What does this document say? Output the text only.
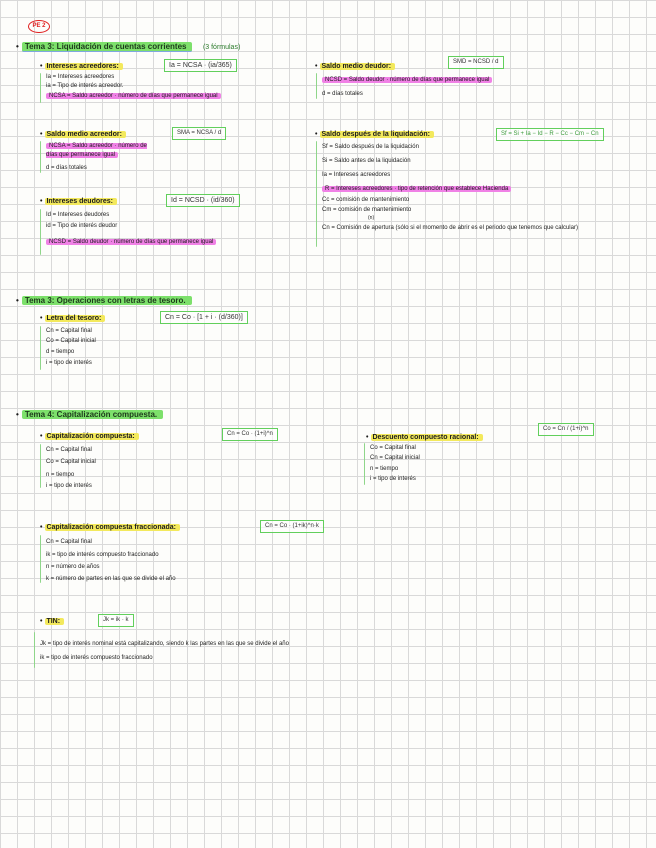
PE 2
• Tema 3: Liquidación de cuentas corrientes (3 fórmulas)
• Intereses acreedores:	Ia = NCSA · (ia/365)
Ia = Intereses acreedores
ia = Tipo de interés acreedor.
NCSA = Saldo acreedor · número de días que permanece igual
• Saldo medio acreedor:	SMA = NCSA / d
NCSA = Saldo acreedor · número de días que permanece igual
d = días totales
• Intereses deudores:	Id = NCSD · (id/360)
Id = Intereses deudores
id = Tipo de interés deudor
NCSD = Saldo deudor · número de días que permanece igual
• Saldo medio deudor:
SMD = NCSD / d
NCSD = Saldo deudor · número de días que permanece igual
d = días totales
• Saldo después de la liquidación:	Sf = Si + Ia − Id − R − Cc − Cm − Cn
Sf = Saldo después de la liquidación
Si = Saldo antes de la liquidación
Ia = Intereses acreedores
R = Intereses acreedores · tipo de retención que establece Hacienda
Cc = comisión de mantenimiento
Cm = comisión de mantenimiento
(n)
Cn = Comisión de apertura (sólo si el momento de abrir es el periodo que tenemos que calcular)
• Tema 3: Operaciones con letras de tesoro.
• Letra del tesoro:	Cn = Co · [1 + i · (d/360)]
Cn = Capital final
Co = Capital inicial
d = tiempo
i = tipo de interés
• Tema 4: Capitalización compuesta.
• Capitalización compuesta:	Cn = Co · (1+i)^n
Cn = Capital final
Co = Capital inicial
n = tiempo
i = tipo de interés
• Descuento compuesto racional:
Co = Cn / (1+i)^n
Co = Capital final
Cn = Capital inicial
n = tiempo
i = tipo de interés
• Capitalización compuesta fraccionada:	Cn = Co · (1+ik)^n·k
Cn = Capital final
ik = tipo de interés compuesto fraccionado
n = número de años
k = número de partes en las que se divide el año
• TIN:	Jk = ik · k
Jk = tipo de interés nominal está capitalizando, siendo k las partes en las que se divide el año
ik = tipo de interés compuesto fraccionado
